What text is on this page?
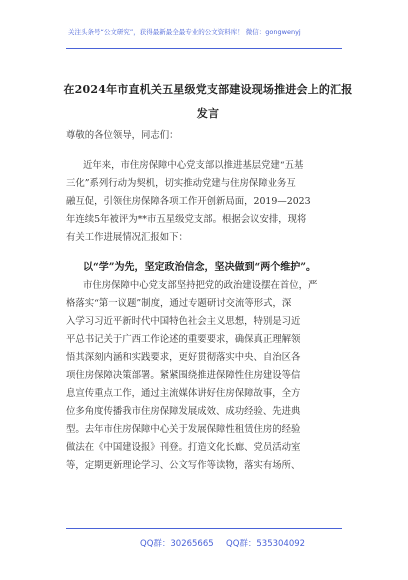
关注头条号“公文研究”，获得最新最全最专业的公文资料库！ 微信：gongwenyj
在2024年市直机关五星级党支部建设现场推进会上的汇报
发言
尊敬的各位领导，同志们：
近年来，市住房保障中心党支部以推进基层党建“五基
三化”系列行动为契机，切实推动党建与住房保障业务互
融互促，引领住房保障各项工作开创新局面，2019—2023
年连续5年被评为**市五星级党支部。根据会议安排，现将
有关工作进展情况汇报如下：
以“学”为先，坚定政治信念，坚决做到“两个维护”。
市住房保障中心党支部坚持把党的政治建设摆在首位，严
格落实“第一议题”制度，通过专题研讨交流等形式，深
入学习习近平新时代中国特色社会主义思想，特别是习近
平总书记关于广西工作论述的重要要求，确保真正理解领
悟其深刻内涵和实践要求，更好贯彻落实中央、自治区各
项住房保障决策部署。紧紧围绕推进保障性住房建设等信
息宣传重点工作，通过主流媒体讲好住房保障故事，全方
位多角度传播我市住房保障发展成效、成功经验、先进典
型。去年市住房保障中心关于发展保障性租赁住房的经验
做法在《中国建设报》刊登。打造文化长廊、党员活动室
等，定期更新理论学习、公文写作等读物，落实有场所、
QQ群：30265665 QQ群：535304092
